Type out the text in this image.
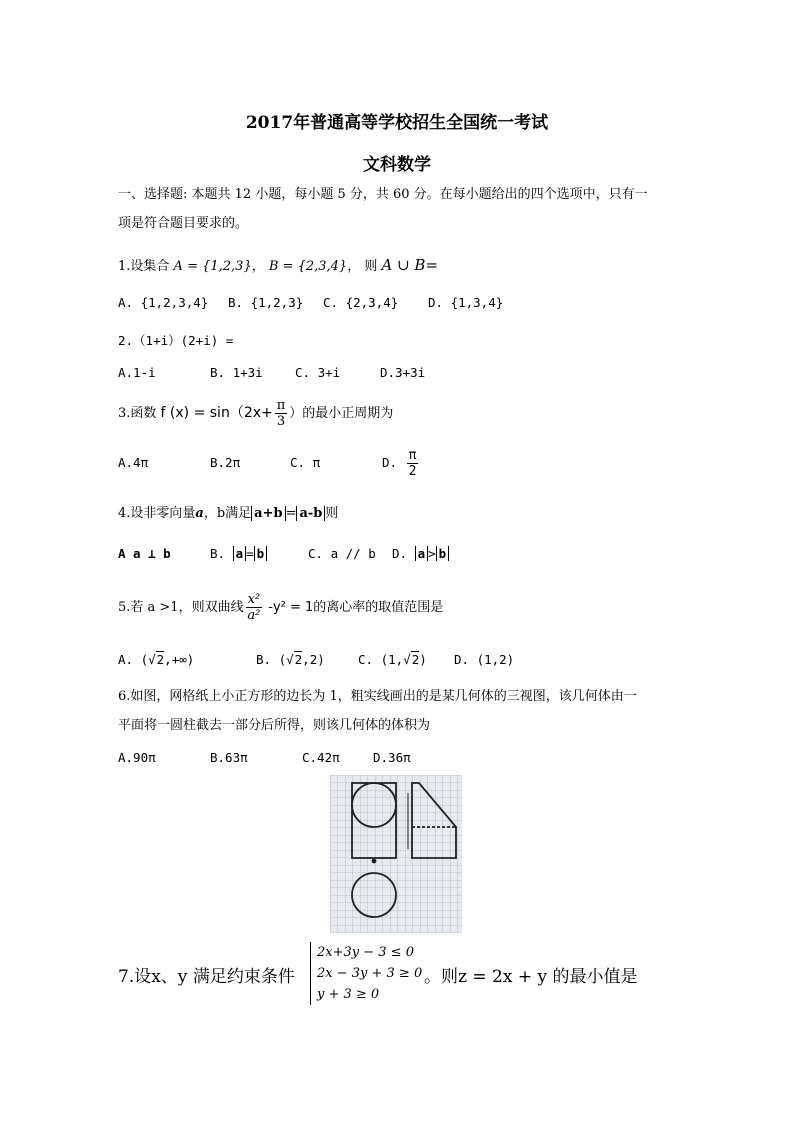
2017年普通高等学校招生全国统一考试
文科数学
一、选择题: 本题共 12 小题，每小题 5 分，共 60 分。在每小题给出的四个选项中，只有一
项是符合题目要求的。
1.设集合 A = {1,2,3}， B = {2,3,4}， 则 A ∪ B=
A. {1,2,3,4} B. {1,2,3} C. {2,3,4} D. {1,3,4}
2.（1+i）(2+i) =
A.1-i	B. 1+3i	C. 3+i	D.3+3i
3.函数 f $(x) = \sin(2x+ \frac{\pi}{3}$ ）的最小正周期为
A.4π	B.2π	C. π	D. $\frac{\pi}{2}$
4.设非零向量a，b满足 a+b = a-b 则
A a ⊥ b	B. a = b	C. a // b D. a > b
5.若 a >1，则双曲线 $\frac{\text{x²}}{\text{a²}} -y^2 = 1$的离心率的取值范围是
A. (√2,+∞)	B. (√2,2)	C. (1,√2) D. (1,2)
6.如图，网格纸上小正方形的边长为 1，粗实线画出的是某几何体的三视图，该几何体由一
平面将一圆柱截去一部分后所得，则该几何体的体积为
A.90π	B.63π	C.42π	D.36π
7.设x、y 满足约束条件
2x+3y − 3 ≤ 0
2x − 3y + 3 ≥ 0
y + 3 ≥ 0
。则z = 2x + y 的最小值是
